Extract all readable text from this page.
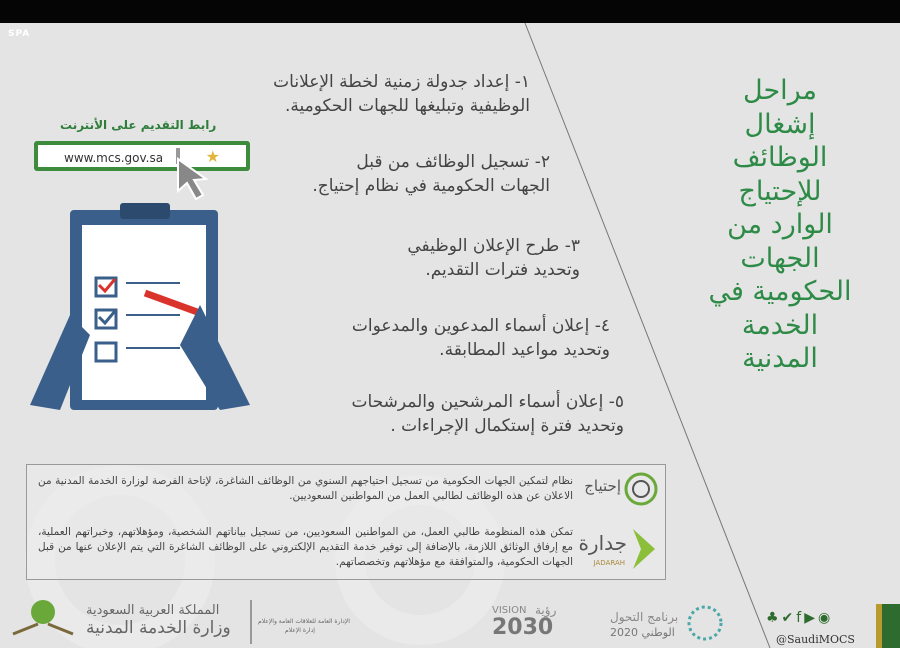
SPA
مراحل إشغال الوظائف للإحتياج الوارد من الجهات الحكومية في الخدمة المدنية
١- إعداد جدولة زمنية لخطة الإعلانات
الوظيفية وتبليغها للجهات الحكومية.
٢- تسجيل الوظائف من قبل
الجهات الحكومية في نظام إحتياج.
٣- طرح الإعلان الوظيفي
وتحديد فترات التقديم.
٤- إعلان أسماء المدعوين والمدعوات
وتحديد مواعيد المطابقة.
٥- إعلان أسماء المرشحين والمرشحات
وتحديد فترة إستكمال الإجراءات .
رابط التقديم على الأنترنت
www.mcs.gov.sa	★
إحتياج
نظام لتمكين الجهات الحكومية من تسجيل احتياجهم السنوي من الوظائف الشاغرة، لإتاحة الفرصة لوزارة الخدمة المدنية من الاعلان عن هذه الوظائف لطالبي العمل من المواطنين السعوديين.
جدارة
JADARAH
تمكن هذه المنظومة طالبي العمل، من المواطنين السعوديين، من تسجيل بياناتهم الشخصية، ومؤهلاتهم، وخبراتهم العملية، مع إرفاق الوثائق اللازمة، بالإضافة إلى توفير خدمة التقديم الإلكتروني على الوظائف الشاغرة التي يتم الإعلان عنها من قبل الجهات الحكومية، والمتوافقة مع مؤهلاتهم وتخصصاتهم.
المملكة العربية السعودية
وزارة الخدمة المدنية	الإدارة العامة للعلاقات العامة والإعلام
إدارة الإعلام
VISION رؤية
2030	برنامج التحول
الوطني 2020
♣✔f▶◉
@SaudiMOCS
